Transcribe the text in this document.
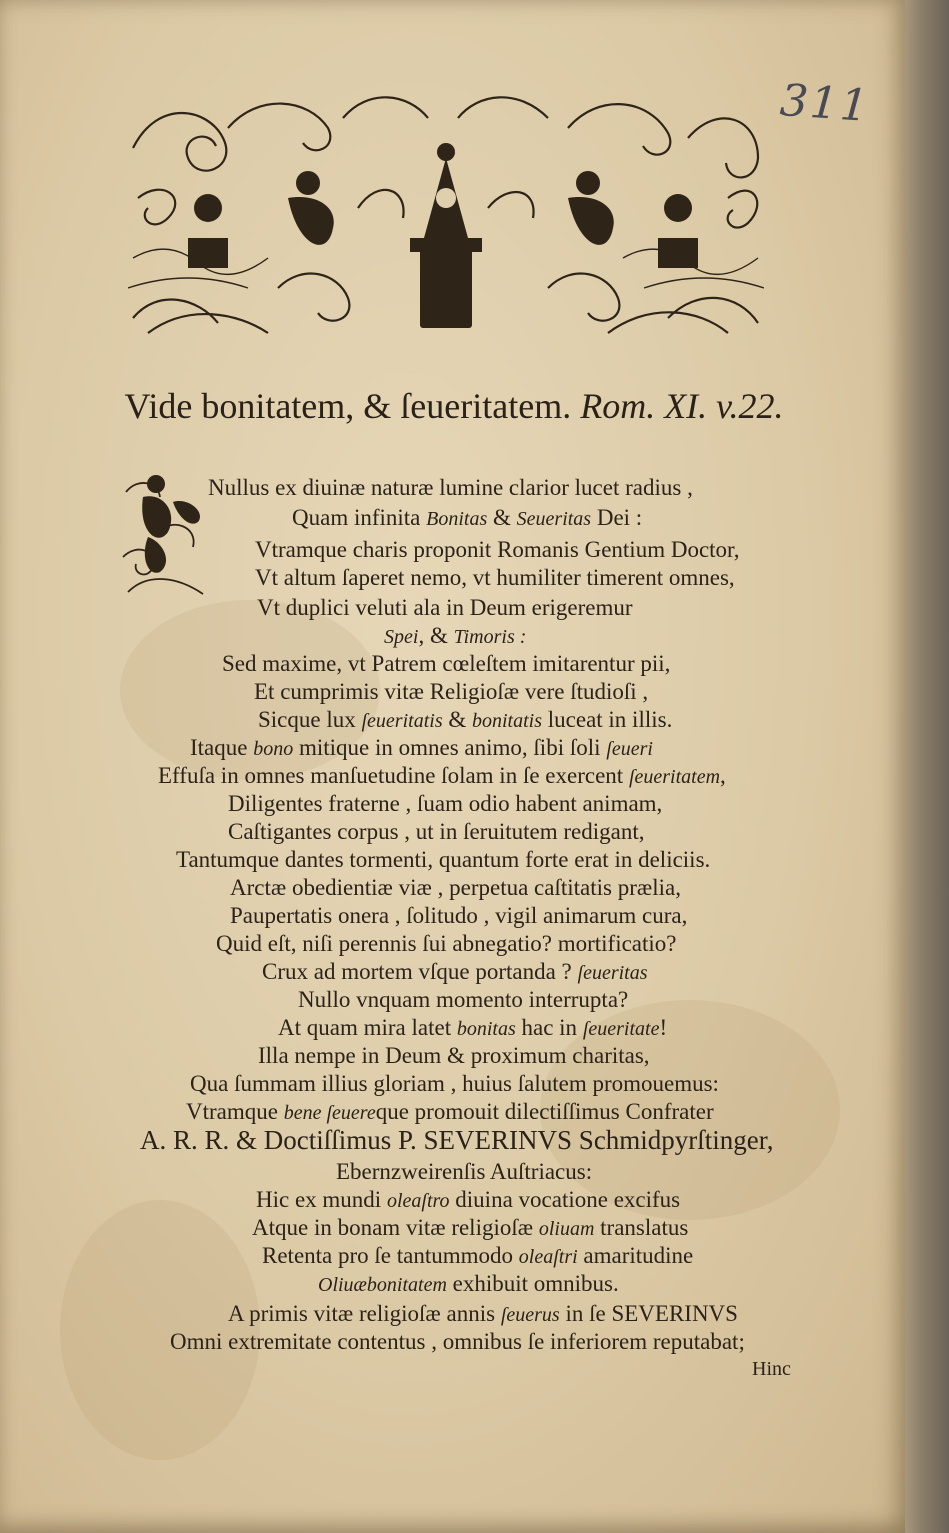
311
Vide bonitatem, & ſeueritatem. Rom. XI. v.22.
Nullus ex diuinæ naturæ lumine clarior lucet radius ,
Quam infinita Bonitas & Seueritas Dei :
Vtramque charis proponit Romanis Gentium Doctor,
Vt altum ſaperet nemo, vt humiliter timerent omnes,
Vt duplici veluti ala in Deum erigeremur
Spei, & Timoris :
Sed maxime, vt Patrem cœleſtem imitarentur pii,
Et cumprimis vitæ Religioſæ vere ſtudioſi ,
Sicque lux ſeueritatis & bonitatis luceat in illis.
Itaque bono mitique in omnes animo, ſibi ſoli ſeueri
Effuſa in omnes manſuetudine ſolam in ſe exercent ſeueritatem,
Diligentes fraterne , ſuam odio habent animam,
Caſtigantes corpus , ut in ſeruitutem redigant,
Tantumque dantes tormenti, quantum forte erat in deliciis.
Arctæ obedientiæ viæ , perpetua caſtitatis prælia,
Paupertatis onera , ſolitudo , vigil animarum cura,
Quid eſt, niſi perennis ſui abnegatio? mortificatio?
Crux ad mortem vſque portanda ? ſeueritas
Nullo vnquam momento interrupta?
At quam mira latet bonitas hac in ſeueritate!
Illa nempe in Deum & proximum charitas,
Qua ſummam illius gloriam , huius ſalutem promouemus:
Vtramque bene ſeuereque promouit dilectiſſimus Confrater
A. R. R. & Doctiſſimus P. SEVERINVS Schmidpyrſtinger,
Ebernzweirenſis Auſtriacus:
Hic ex mundi oleaſtro diuina vocatione excifus
Atque in bonam vitæ religioſæ oliuam translatus
Retenta pro ſe tantummodo oleaſtri amaritudine
Oliuæbonitatem exhibuit omnibus.
A primis vitæ religioſæ annis ſeuerus in ſe SEVERINVS
Omni extremitate contentus , omnibus ſe inferiorem reputabat;
Hinc
